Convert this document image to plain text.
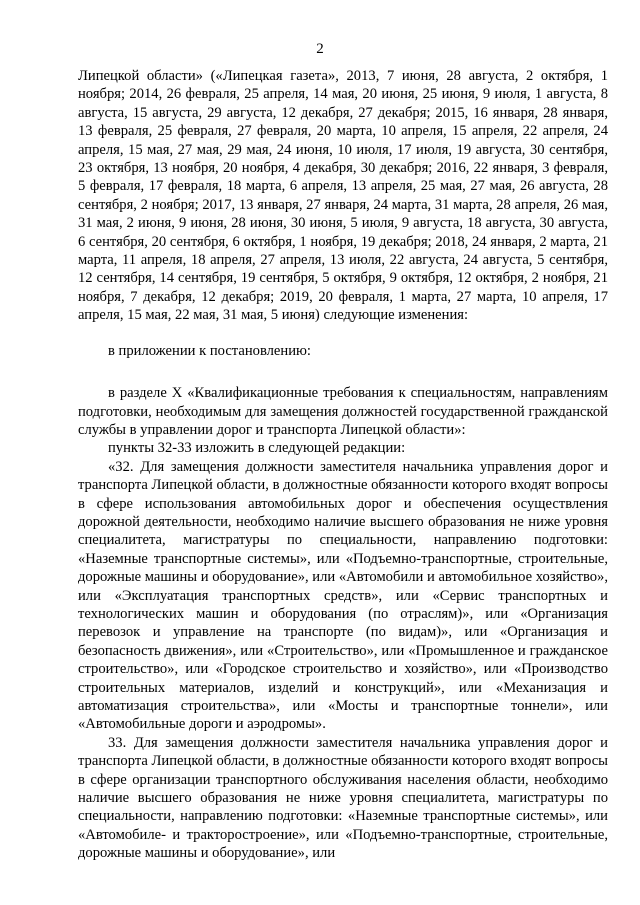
2

Липецкой области» («Липецкая газета», 2013, 7 июня, 28 августа, 2 октября, 1 ноября; 2014, 26 февраля, 25 апреля, 14 мая, 20 июня, 25 июня, 9 июля, 1 августа, 8 августа, 15 августа, 29 августа, 12 декабря, 27 декабря; 2015, 16 января, 28 января, 13 февраля, 25 февраля, 27 февраля, 20 марта, 10 апреля, 15 апреля, 22 апреля, 24 апреля, 15 мая, 27 мая, 29 мая, 24 июня, 10 июля, 17 июля, 19 августа, 30 сентября, 23 октября, 13 ноября, 20 ноября, 4 декабря, 30 декабря; 2016, 22 января, 3 февраля, 5 февраля, 17 февраля, 18 марта, 6 апреля, 13 апреля, 25 мая, 27 мая, 26 августа, 28 сентября, 2 ноября; 2017, 13 января, 27 января, 24 марта, 31 марта, 28 апреля, 26 мая, 31 мая, 2 июня, 9 июня, 28 июня, 30 июня, 5 июля, 9 августа, 18 августа, 30 августа, 6 сентября, 20 сентября, 6 октября, 1 ноября, 19 декабря; 2018, 24 января, 2 марта, 21 марта, 11 апреля, 18 апреля, 27 апреля, 13 июля, 22 августа, 24 августа, 5 сентября, 12 сентября, 14 сентября, 19 сентября, 5 октября, 9 октября, 12 октября, 2 ноября, 21 ноября, 7 декабря, 12 декабря; 2019, 20 февраля, 1 марта, 27 марта, 10 апреля, 17 апреля, 15 мая, 22 мая, 31 мая, 5 июня) следующие изменения:

в приложении к постановлению:

в разделе X «Квалификационные требования к специальностям, направлениям подготовки, необходимым для замещения должностей государственной гражданской службы в управлении дорог и транспорта Липецкой области»:

пункты 32-33 изложить в следующей редакции:

«32. Для замещения должности заместителя начальника управления дорог и транспорта Липецкой области, в должностные обязанности которого входят вопросы в сфере использования автомобильных дорог и обеспечения осуществления дорожной деятельности, необходимо наличие высшего образования не ниже уровня специалитета, магистратуры по специальности, направлению подготовки: «Наземные транспортные системы», или «Подъемно-транспортные, строительные, дорожные машины и оборудование», или «Автомобили и автомобильное хозяйство», или «Эксплуатация транспортных средств», или «Сервис транспортных и технологических машин и оборудования (по отраслям)», или «Организация перевозок и управление на транспорте (по видам)», или «Организация и безопасность движения», или «Строительство», или «Промышленное и гражданское строительство», или «Городское строительство и хозяйство», или «Производство строительных материалов, изделий и конструкций», или «Механизация и автоматизация строительства», или «Мосты и транспортные тоннели», или «Автомобильные дороги и аэродромы».

33. Для замещения должности заместителя начальника управления дорог и транспорта Липецкой области, в должностные обязанности которого входят вопросы в сфере организации транспортного обслуживания населения области, необходимо наличие высшего образования не ниже уровня специалитета, магистратуры по специальности, направлению подготовки: «Наземные транспортные системы», или «Автомобиле- и тракторостроение», или «Подъемно-транспортные, строительные, дорожные машины и оборудование», или
